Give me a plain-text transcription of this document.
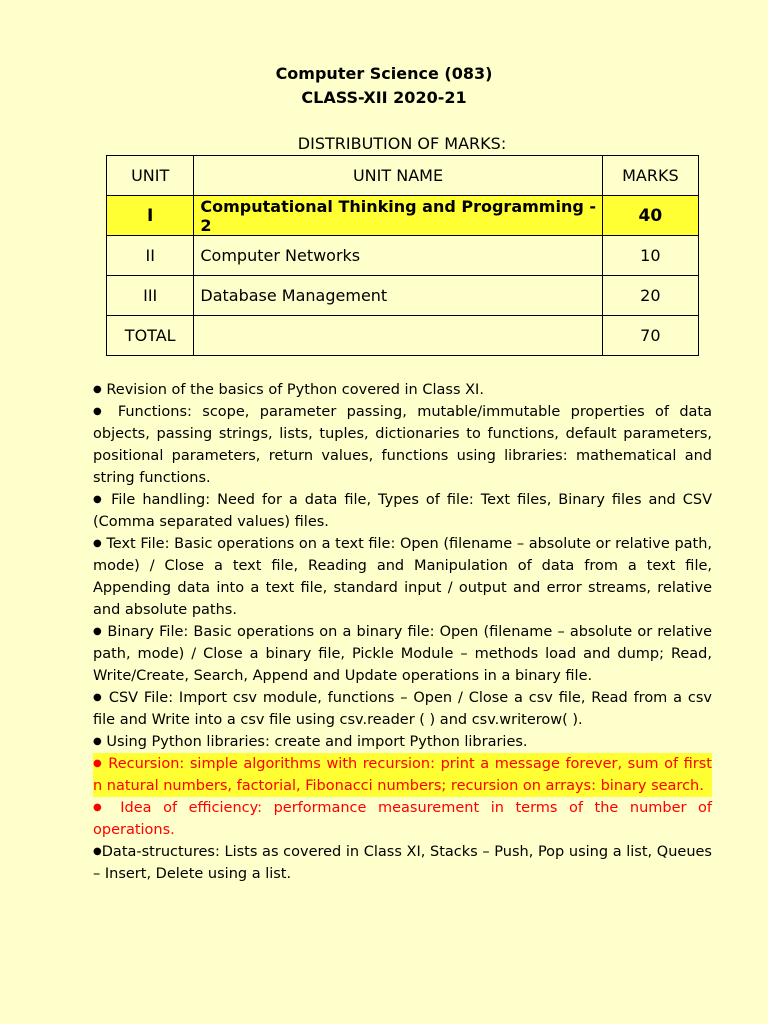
Computer Science (083)

CLASS-XII 2020-21

DISTRIBUTION OF MARKS:

UNIT	UNIT NAME	MARKS
I	Computational Thinking and Programming - 2	40
II	Computer Networks	10
III	Database Management	20
TOTAL		70

● Revision of the basics of Python covered in Class XI.

● Functions: scope, parameter passing, mutable/immutable properties of data objects, passing strings, lists, tuples, dictionaries to functions, default parameters, positional parameters, return values, functions using libraries: mathematical and string functions.

● File handling: Need for a data file, Types of file: Text files, Binary files and CSV (Comma separated values) files.

● Text File: Basic operations on a text file: Open (filename – absolute or relative path, mode) / Close a text file, Reading and Manipulation of data from a text file, Appending data into a text file, standard input / output and error streams, relative and absolute paths.

● Binary File: Basic operations on a binary file: Open (filename – absolute or relative path, mode) / Close a binary file, Pickle Module – methods load and dump; Read, Write/Create, Search, Append and Update operations in a binary file.

● CSV File: Import csv module, functions – Open / Close a csv file, Read from a csv file and Write into a csv file using csv.reader ( ) and csv.writerow( ).

● Using Python libraries: create and import Python libraries.

● Recursion: simple algorithms with recursion: print a message forever, sum of first n natural numbers, factorial, Fibonacci numbers; recursion on arrays: binary search.

● Idea of efficiency: performance measurement in terms of the number of operations.

●Data-structures: Lists as covered in Class XI, Stacks – Push, Pop using a list, Queues – Insert, Delete using a list.
